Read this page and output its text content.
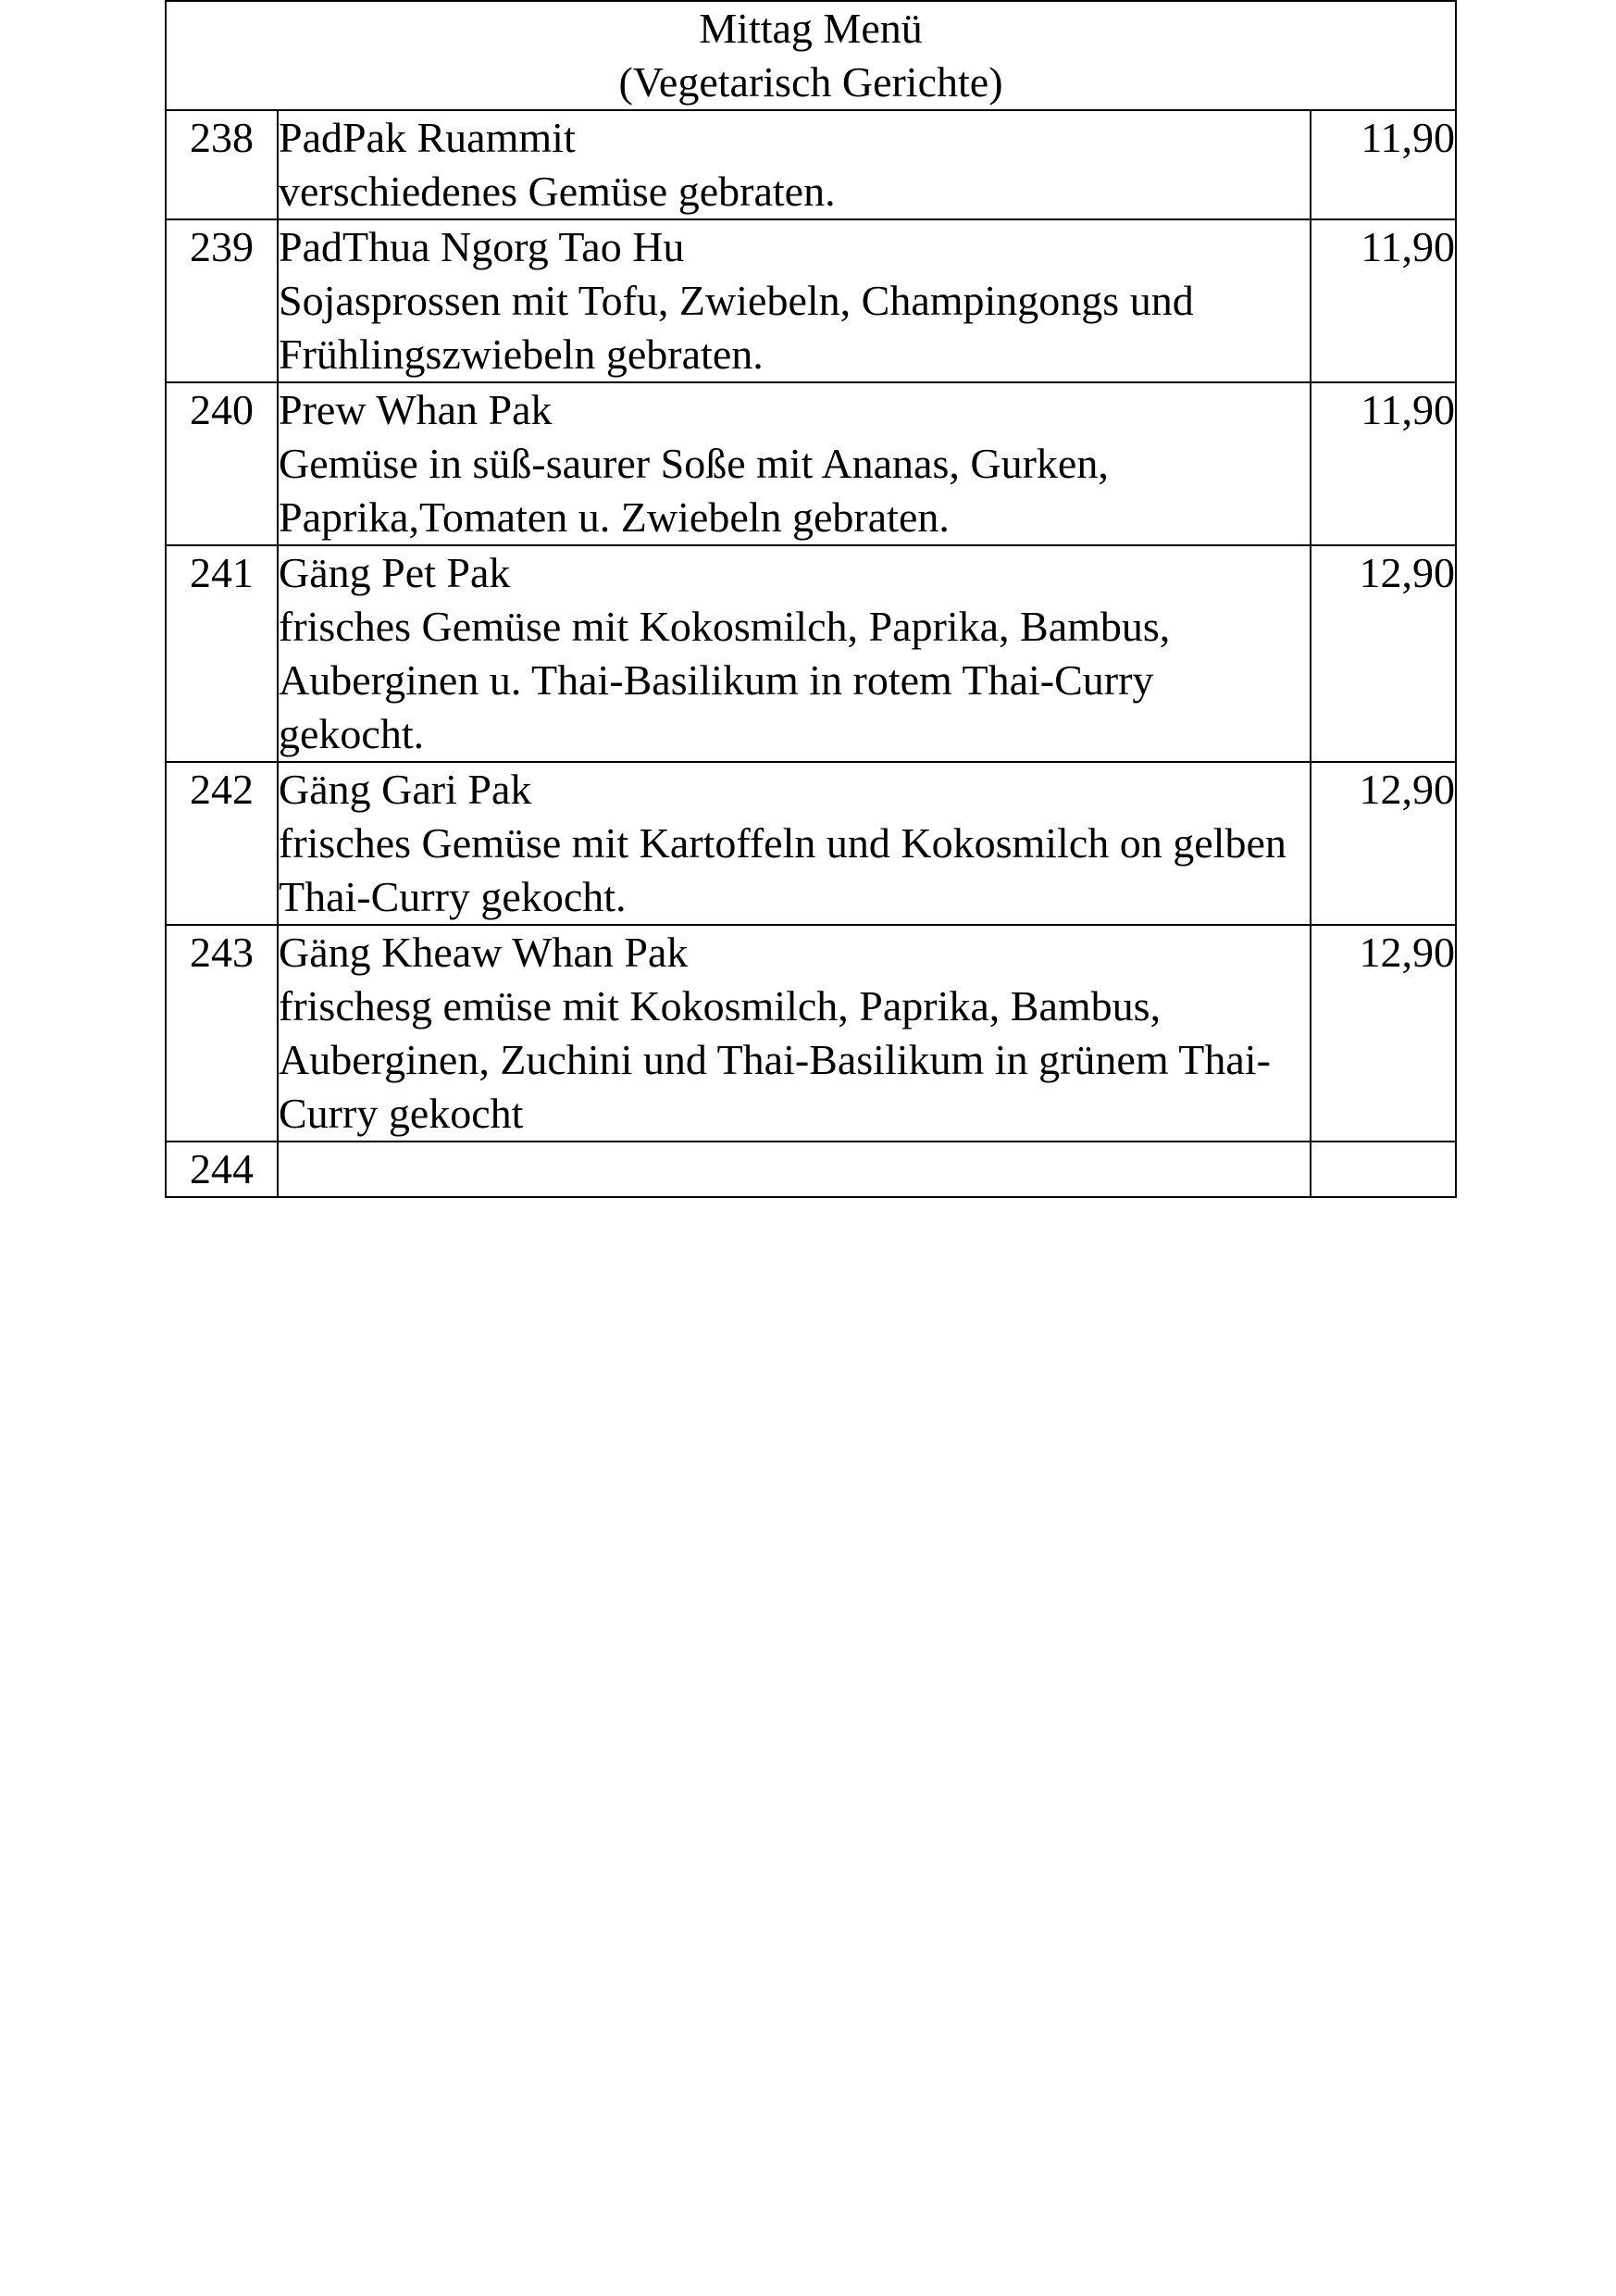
Mittag Menü
(Vegetarisch Gerichte)		

238	PadPak Ruammit
verschiedenes Gemüse gebraten.	11,90
239	PadThua Ngorg Tao Hu
Sojasprossen mit Tofu, Zwiebeln, Champingongs und Frühlingszwiebeln gebraten.	11,90
240	Prew Whan Pak
Gemüse in süß-saurer Soße mit Ananas, Gurken, Paprika,Tomaten u. Zwiebeln gebraten.	11,90
241	Gäng Pet Pak
frisches Gemüse mit Kokosmilch, Paprika, Bambus, Auberginen u. Thai-Basilikum in rotem Thai-Curry gekocht.	12,90
242	Gäng Gari Pak
frisches Gemüse mit Kartoffeln und Kokosmilch on gelben Thai-Curry gekocht.	12,90
243	Gäng Kheaw Whan Pak
frischesg emüse mit Kokosmilch, Paprika, Bambus, Auberginen, Zuchini und Thai-Basilikum in grünem Thai-Curry gekocht	12,90
244	
